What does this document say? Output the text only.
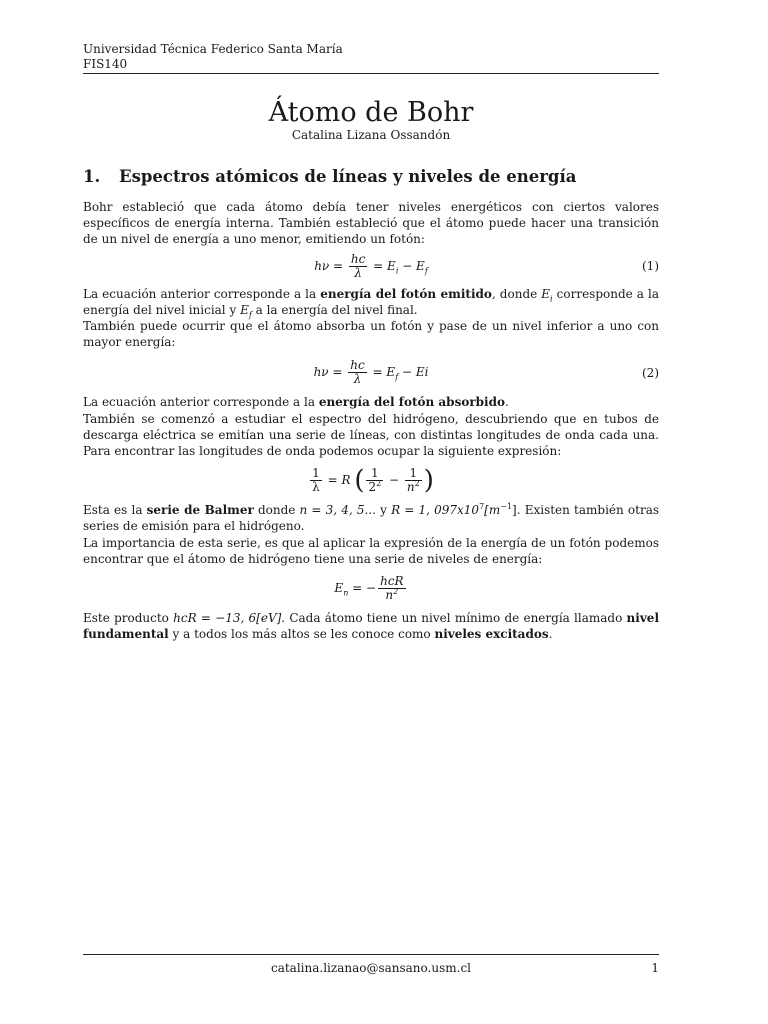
Universidad Técnica Federico Santa María
FIS140
Átomo de Bohr
Catalina Lizana Ossandón
1. Espectros atómicos de líneas y niveles de energía

Bohr estableció que cada átomo debía tener niveles energéticos con ciertos valores específicos de energía interna. También estableció que el átomo puede hacer una transición de un nivel de energía a uno menor, emitiendo un fotón:

$h\nu = \frac{hc}{\lambda} = E_i - E_f$	(1)

La ecuación anterior corresponde a la energía del fotón emitido, donde $E_i$ corresponde a la energía del nivel inicial y $E_f$ a la energía del nivel final.

También puede ocurrir que el átomo absorba un fotón y pase de un nivel inferior a uno con mayor energía:

$h\nu = \frac{hc}{\lambda} = E_f - Ei$	(2)

La ecuación anterior corresponde a la energía del fotón absorbido.

También se comenzó a estudiar el espectro del hidrógeno, descubriendo que en tubos de descarga eléctrica se emitían una serie de líneas, con distintas longitudes de onda cada una. Para encontrar las longitudes de onda podemos ocupar la siguiente expresión:

$\frac{1}{\lambda} = R$ ( $\frac{1}{2^2} - \frac{1}{n^2}$ )

Esta es la serie de Balmer donde n = 3, 4, 5... y R = 1, $097x10^7[m^{-1}]$. Existen también otras series de emisión para el hidrógeno.

La importancia de esta serie, es que al aplicar la expresión de la energía de un fotón podemos encontrar que el átomo de hidrógeno tiene una serie de niveles de energía:

$E_n$ = − $\frac{\text{hcR}}{n^2}$

Este producto hcR = −13, 6[eV]. Cada átomo tiene un nivel mínimo de energía llamado nivel fundamental y a todos los más altos se les conoce como niveles excitados.

catalina.lizanao@sansano.usm.cl	1
